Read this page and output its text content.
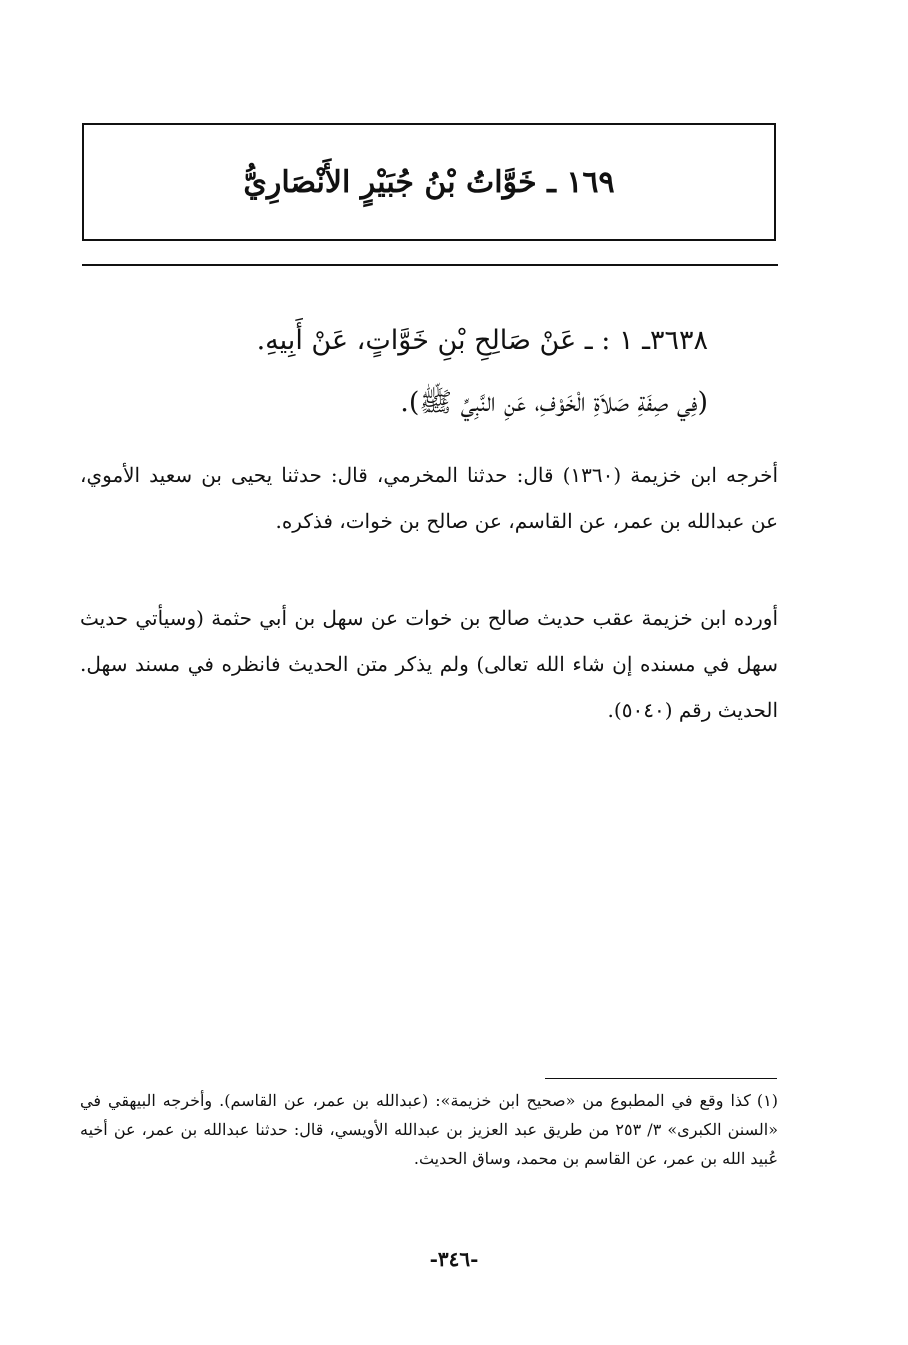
١٦٩ ـ خَوَّاتُ بْنُ جُبَيْرٍ الأَنْصَارِيُّ
٣٦٣٨ـ ١ : ـ عَنْ صَالِحِ بْنِ خَوَّاتٍ، عَنْ أَبِيهِ.
(فِي صِفَةِ صَلاَةِ الْخَوْفِ، عَنِ النَّبِيِّ ﷺ).
أخرجه ابن خزيمة (١٣٦٠) قال: حدثنا المخرمي، قال: حدثنا يحيى بن سعيد الأموي، عن عبدالله بن عمر، عن القاسم، عن صالح بن خوات، فذكره.
أورده ابن خزيمة عقب حديث صالح بن خوات عن سهل بن أبي حثمة (وسيأتي حديث سهل في مسنده إن شاء الله تعالى) ولم يذكر متن الحديث فانظره في مسند سهل. الحديث رقم (٥٠٤٠).
(١)كذا وقع في المطبوع من «صحيح ابن خزيمة»: (عبدالله بن عمر، عن القاسم). وأخرجه البيهقي في «السنن الكبرى» ٣/ ٢٥٣ من طريق عبد العزيز بن عبدالله الأويسي، قال: حدثنا عبدالله بن عمر، عن أخيه عُبيد الله بن عمر، عن القاسم بن محمد، وساق الحديث.
-٣٤٦-
